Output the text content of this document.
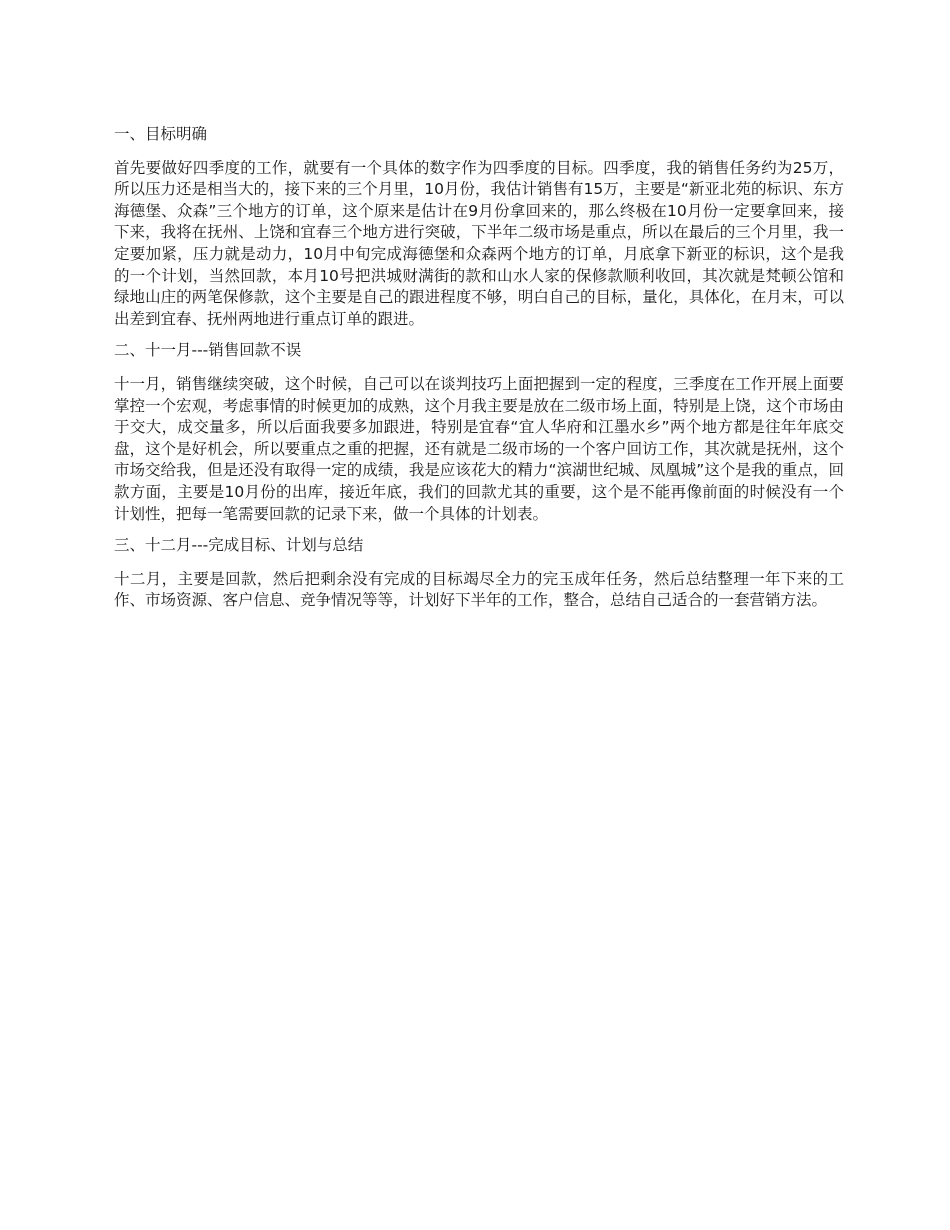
一、目标明确

首先要做好四季度的工作，就要有一个具体的数字作为四季度的目标。四季度，我的销售任务约为25万，所以压力还是相当大的，接下来的三个月里，10月份，我估计销售有15万，主要是“新亚北苑的标识、东方海德堡、众森”三个地方的订单，这个原来是估计在9月份拿回来的，那么终极在10月份一定要拿回来，接下来，我将在抚州、上饶和宜春三个地方进行突破，下半年二级市场是重点，所以在最后的三个月里，我一定要加紧，压力就是动力，10月中旬完成海德堡和众森两个地方的订单，月底拿下新亚的标识，这个是我的一个计划，当然回款，本月10号把洪城财满街的款和山水人家的保修款顺利收回，其次就是梵顿公馆和绿地山庄的两笔保修款，这个主要是自己的跟进程度不够，明白自己的目标，量化，具体化，在月末，可以出差到宜春、抚州两地进行重点订单的跟进。

二、十一月---销售回款不误

十一月，销售继续突破，这个时候，自己可以在谈判技巧上面把握到一定的程度，三季度在工作开展上面要掌控一个宏观，考虑事情的时候更加的成熟，这个月我主要是放在二级市场上面，特别是上饶，这个市场由于交大，成交量多，所以后面我要多加跟进，特别是宜春“宜人华府和江墨水乡”两个地方都是往年年底交盘，这个是好机会，所以要重点之重的把握，还有就是二级市场的一个客户回访工作，其次就是抚州，这个市场交给我，但是还没有取得一定的成绩，我是应该花大的精力“滨湖世纪城、凤凰城”这个是我的重点，回款方面，主要是10月份的出库，接近年底，我们的回款尤其的重要，这个是不能再像前面的时候没有一个计划性，把每一笔需要回款的记录下来，做一个具体的计划表。

三、十二月---完成目标、计划与总结

十二月，主要是回款，然后把剩余没有完成的目标竭尽全力的完玉成年任务，然后总结整理一年下来的工作、市场资源、客户信息、竞争情况等等，计划好下半年的工作，整合，总结自己适合的一套营销方法。
